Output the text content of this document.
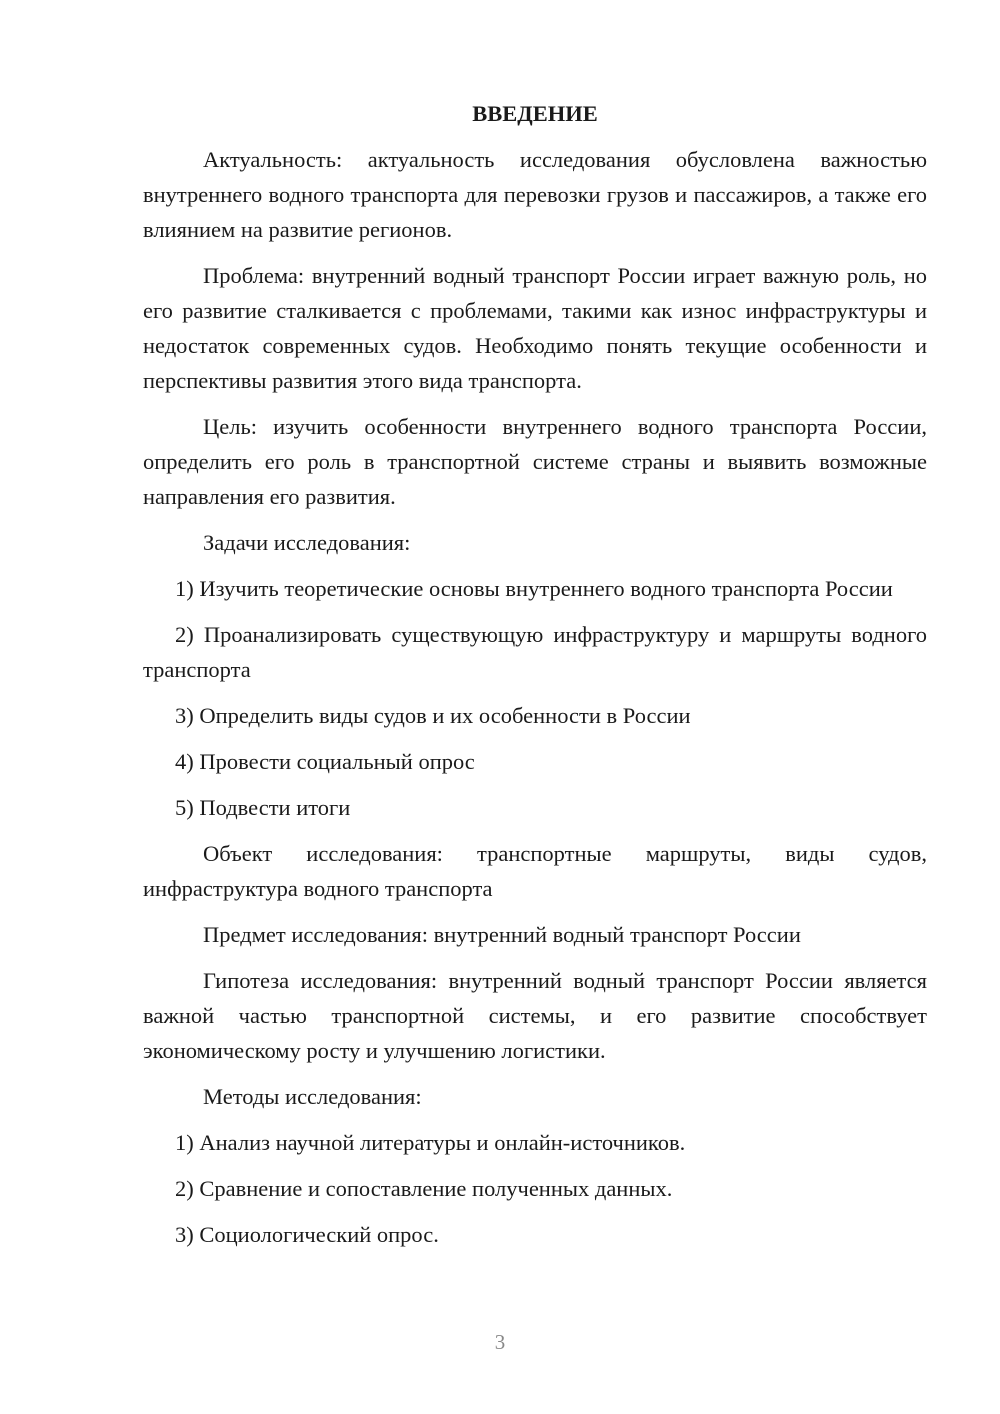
ВВЕДЕНИЕ

Актуальность: актуальность исследования обусловлена важностью внутреннего водного транспорта для перевозки грузов и пассажиров, а также его влиянием на развитие регионов.

Проблема: внутренний водный транспорт России играет важную роль, но его развитие сталкивается с проблемами, такими как износ инфраструктуры и недостаток современных судов. Необходимо понять текущие особенности и перспективы развития этого вида транспорта.

Цель: изучить особенности внутреннего водного транспорта России, определить его роль в транспортной системе страны и выявить возможные направления его развития.

Задачи исследования:

1) Изучить теоретические основы внутреннего водного транспорта России

2) Проанализировать существующую инфраструктуру и маршруты водного транспорта

3) Определить виды судов и их особенности в России

4) Провести социальный опрос

5) Подвести итоги

Объект исследования: транспортные маршруты, виды судов, инфраструктура водного транспорта

Предмет исследования: внутренний водный транспорт России

Гипотеза исследования: внутренний водный транспорт России является важной частью транспортной системы, и его развитие способствует экономическому росту и улучшению логистики.

Методы исследования:

1) Анализ научной литературы и онлайн-источников.

2) Сравнение и сопоставление полученных данных.

3) Социологический опрос.

3
